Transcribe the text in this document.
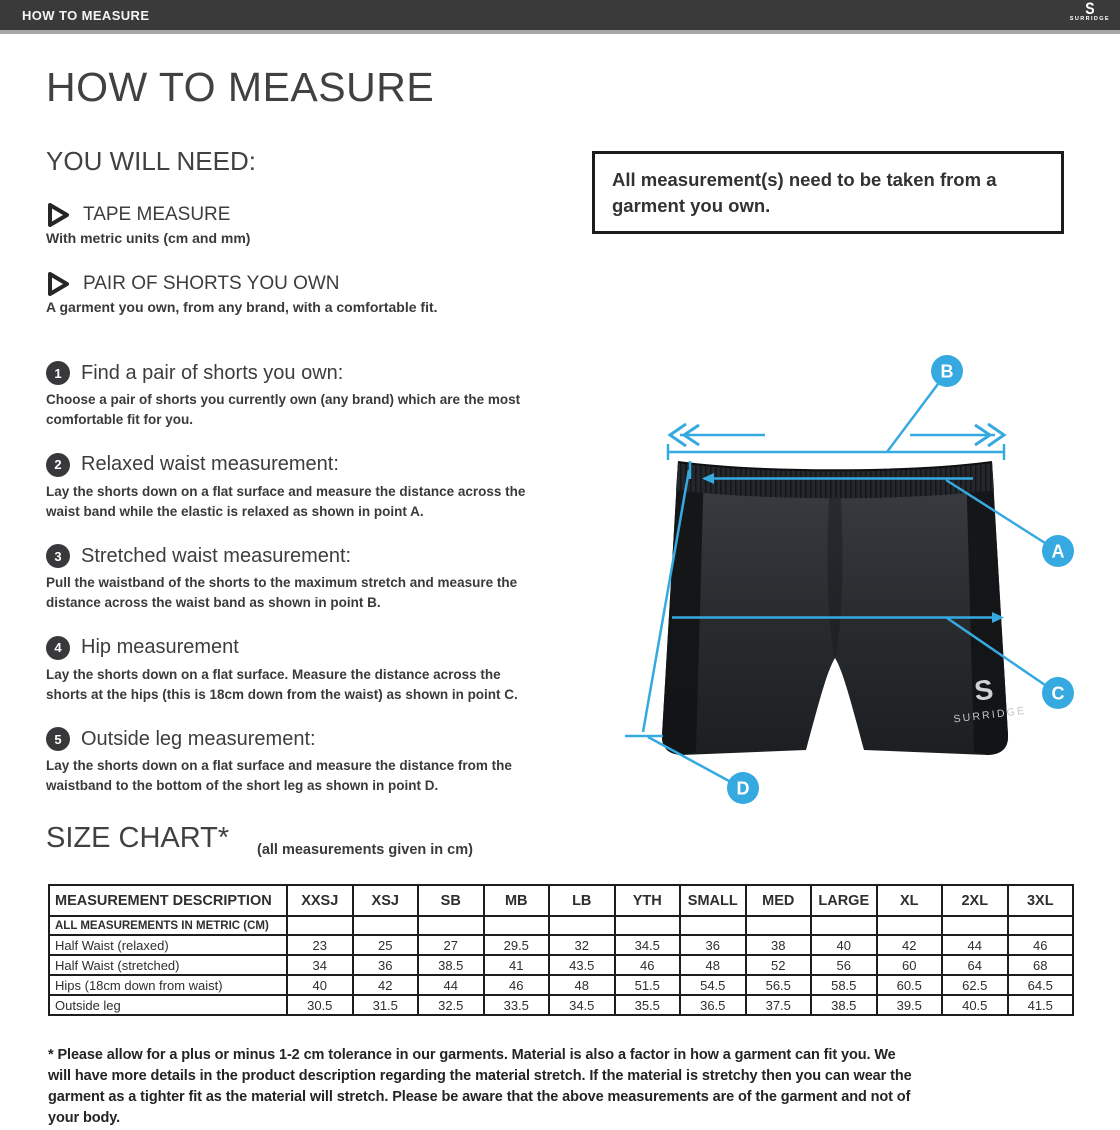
HOW TO MEASURE	S
SURRIDGE
HOW TO MEASURE
YOU WILL NEED:
TAPE MEASURE
With metric units (cm and mm)
PAIR OF SHORTS YOU OWN
A garment you own, from any brand, with a comfortable fit.
All measurement(s) need to be taken from a garment you own.
1 Find a pair of shorts you own:
Choose a pair of shorts you currently own (any brand) which are the most comfortable fit for you.
2 Relaxed waist measurement:
Lay the shorts down on a flat surface and measure the distance across the waist band while the elastic is relaxed as shown in point A.
3 Stretched waist measurement:
Pull the waistband of the shorts to the maximum stretch and measure the distance across the waist band as shown in point B.
4 Hip measurement
Lay the shorts down on a flat surface. Measure the distance across the shorts at the hips (this is 18cm down from the waist) as shown in point C.
5 Outside leg measurement:
Lay the shorts down on a flat surface and measure the distance from the waistband to the bottom of the short leg as shown in point D.
S
SURRIDGE
B
A
C
D
SIZE CHART* (all measurements given in cm)
MEASUREMENT DESCRIPTION	XXSJ	XSJ	SB	MB	LB	YTH	SMALL	MED	LARGE	XL	2XL	3XL
ALL MEASUREMENTS IN METRIC (CM)												
Half Waist (relaxed)	23	25	27	29.5	32	34.5	36	38	40	42	44	46
Half Waist (stretched)	34	36	38.5	41	43.5	46	48	52	56	60	64	68
Hips (18cm down from waist)	40	42	44	46	48	51.5	54.5	56.5	58.5	60.5	62.5	64.5
Outside leg	30.5	31.5	32.5	33.5	34.5	35.5	36.5	37.5	38.5	39.5	40.5	41.5

* Please allow for a plus or minus 1-2 cm tolerance in our garments. Material is also a factor in how a garment can fit you. We will have more details in the product description regarding the material stretch. If the material is stretchy then you can wear the garment as a tighter fit as the material will stretch. Please be aware that the above measurements are of the garment and not of your body.
